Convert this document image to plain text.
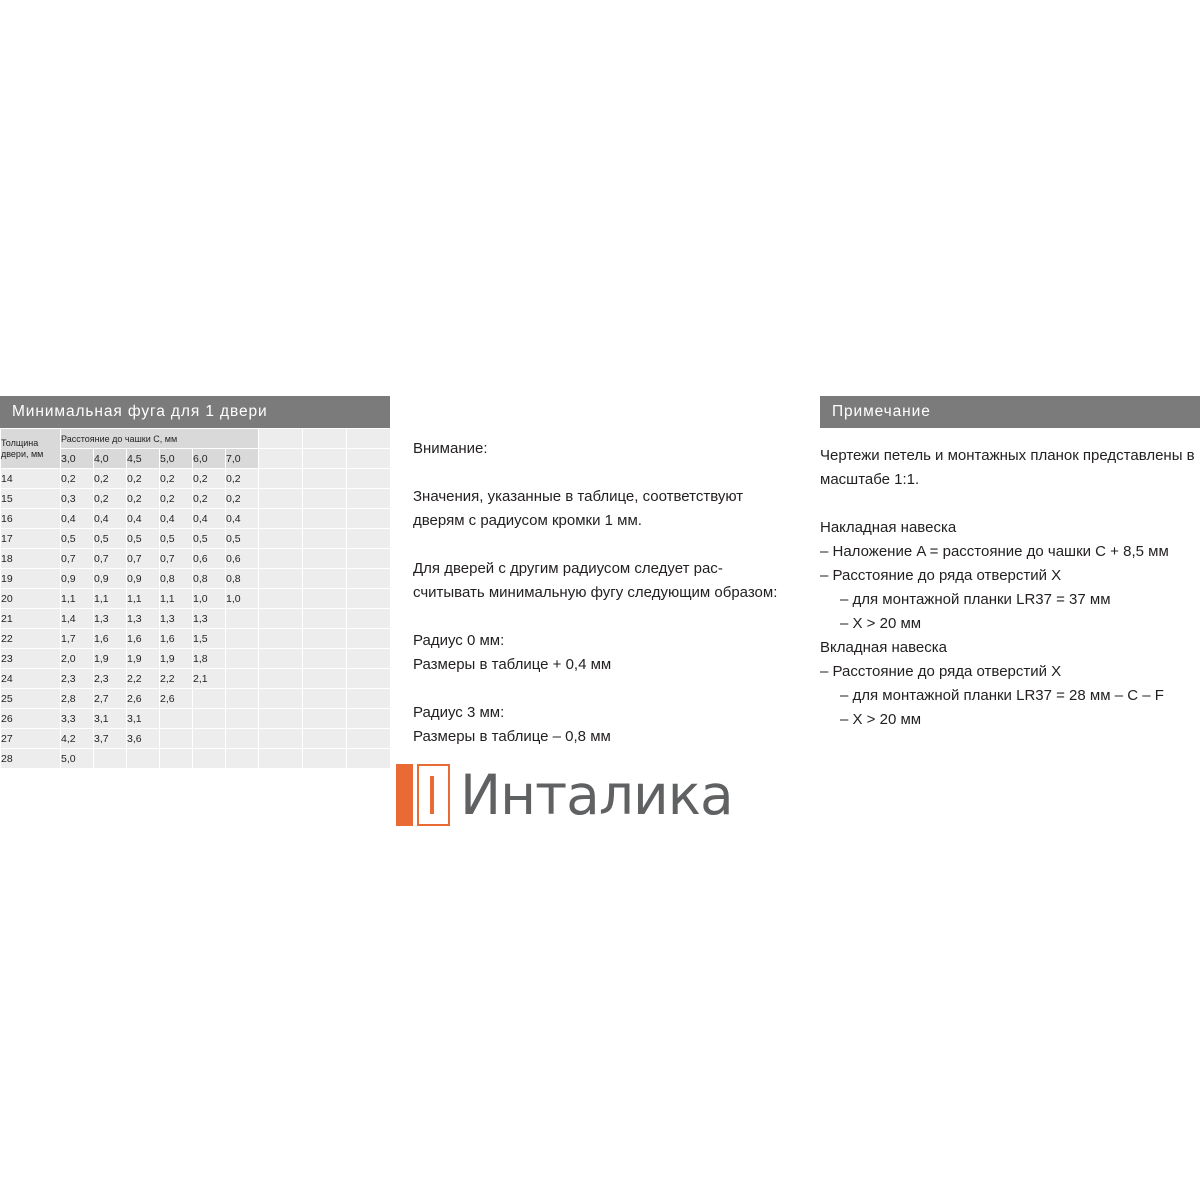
Минимальная фуга для 1 двери
Толщина двери, мм	Расстояние до чашки С, мм								
	3,0	4,0	4,5	5,0	6,0	7,0			
14	0,2	0,2	0,2	0,2	0,2	0,2			
15	0,3	0,2	0,2	0,2	0,2	0,2			
16	0,4	0,4	0,4	0,4	0,4	0,4			
17	0,5	0,5	0,5	0,5	0,5	0,5			
18	0,7	0,7	0,7	0,7	0,6	0,6			
19	0,9	0,9	0,9	0,8	0,8	0,8			
20	1,1	1,1	1,1	1,1	1,0	1,0			
21	1,4	1,3	1,3	1,3	1,3				
22	1,7	1,6	1,6	1,6	1,5				
23	2,0	1,9	1,9	1,9	1,8				
24	2,3	2,3	2,2	2,2	2,1				
25	2,8	2,7	2,6	2,6					
26	3,3	3,1	3,1						
27	4,2	3,7	3,6						
28	5,0								

Внимание:

Значения, указанные в таблице, соответствуют дверям с радиусом кромки 1 мм.

Для дверей с другим радиусом следует рассчитывать минимальную фугу следующим образом:

Радиус 0 мм:

Размеры в таблице + 0,4 мм

Радиус 3 мм:

Размеры в таблице – 0,8 мм

Примечание

Чертежи петель и монтажных планок представлены в масштабе 1:1.

Накладная навеска

– Наложение A = расстояние до чашки C + 8,5 мм

– Расстояние до ряда отверстий X

– для монтажной планки LR37 = 37 мм

– X > 20 мм

Вкладная навеска

– Расстояние до ряда отверстий X

– для монтажной планки LR37 = 28 мм – C – F

– X > 20 мм

Инталика
